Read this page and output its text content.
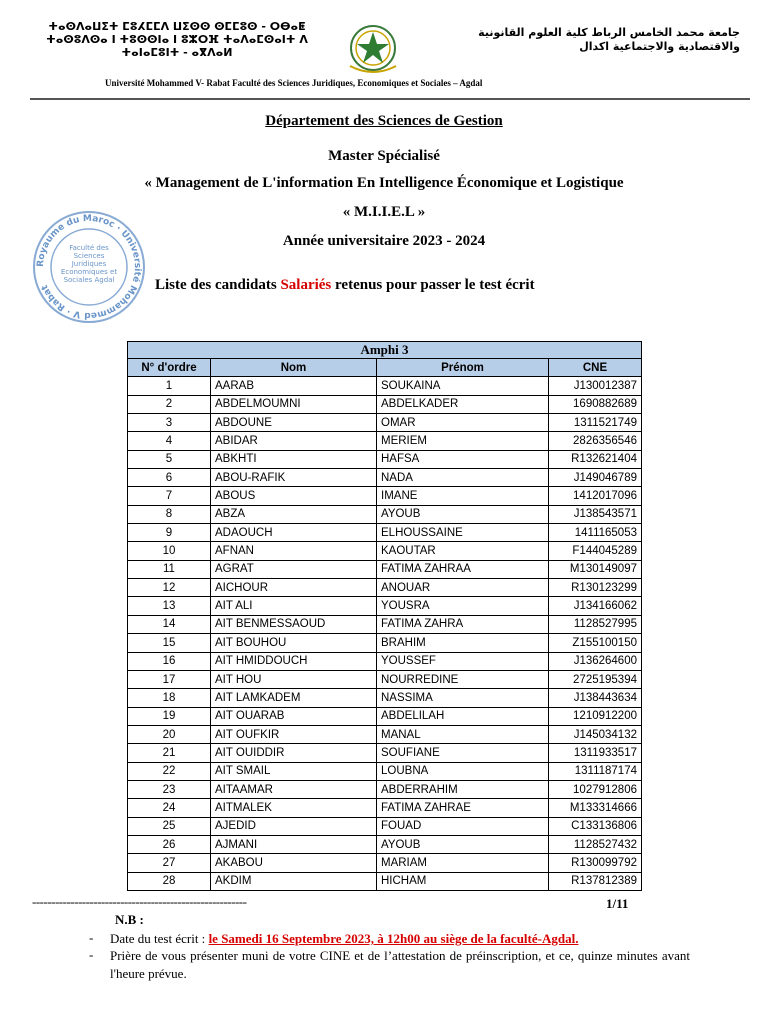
ⵜⴰⵙⴷⴰⵡⵉⵜ ⵎⵓⵃⵎⵎⴷ ⵡⵉⵙⵙ ⵙⵎⵎⵓⵙ - ⵔⴱⴰⵟ ⵜⴰⵙⵓⴷⵙⴰ ⵏ ⵜⵓⵙⵙⵏⴰ ⵏ ⵓⵣⵔⴼ ⵜⴰⴷⴰⵎⵙⴰⵏⵜ ⴷ ⵜⴰⵏⴰⵎⵓⵏⵜ - ⴰⴳⴷⴰⵍ
جامعة محمد الخامس الرباط كلية العلوم القانونية والاقتصادية والاجتماعية اكدال
Université Mohammed V- Rabat Faculté des Sciences Juridiques, Economiques et Sociales – Agdal
Royaume du Maroc · Université Mohammed V · Rabat
Faculté des Sciences Juridiques Economiques et Sociales Agdal
Département des Sciences de Gestion
Master Spécialisé
« Management de L'information En Intelligence Économique et Logistique
« M.I.I.E.L »
Année universitaire 2023 - 2024
Liste des candidats Salariés retenus pour passer le test écrit
Amphi 3			
N° d'ordre	Nom	Prénom	CNE
1	AARAB	SOUKAINA	J130012387
2	ABDELMOUMNI	ABDELKADER	1690882689
3	ABDOUNE	OMAR	1311521749
4	ABIDAR	MERIEM	2826356546
5	ABKHTI	HAFSA	R132621404
6	ABOU-RAFIK	NADA	J149046789
7	ABOUS	IMANE	1412017096
8	ABZA	AYOUB	J138543571
9	ADAOUCH	ELHOUSSAINE	1411165053
10	AFNAN	KAOUTAR	F144045289
11	AGRAT	FATIMA ZAHRAA	M130149097
12	AICHOUR	ANOUAR	R130123299
13	AIT ALI	YOUSRA	J134166062
14	AIT BENMESSAOUD	FATIMA ZAHRA	1128527995
15	AIT BOUHOU	BRAHIM	Z155100150
16	AIT HMIDDOUCH	YOUSSEF	J136264600
17	AIT HOU	NOURREDINE	2725195394
18	AIT LAMKADEM	NASSIMA	J138443634
19	AIT OUARAB	ABDELILAH	1210912200
20	AIT OUFKIR	MANAL	J145034132
21	AIT OUIDDIR	SOUFIANE	1311933517
22	AIT SMAIL	LOUBNA	1311187174
23	AITAAMAR	ABDERRAHIM	1027912806
24	AITMALEK	FATIMA ZAHRAE	M133314666
25	AJEDID	FOUAD	C133136806
26	AJMANI	AYOUB	1128527432
27	AKABOU	MARIAM	R130099792
28	AKDIM	HICHAM	R137812389
--------------------------------------------------------	1/11
N.B :
- Date du test écrit : le Samedi 16 Septembre 2023, à 12h00 au siège de la faculté-Agdal.
- Prière de vous présenter muni de votre CINE et de l’attestation de préinscription, et ce, quinze minutes avant l'heure prévue.
